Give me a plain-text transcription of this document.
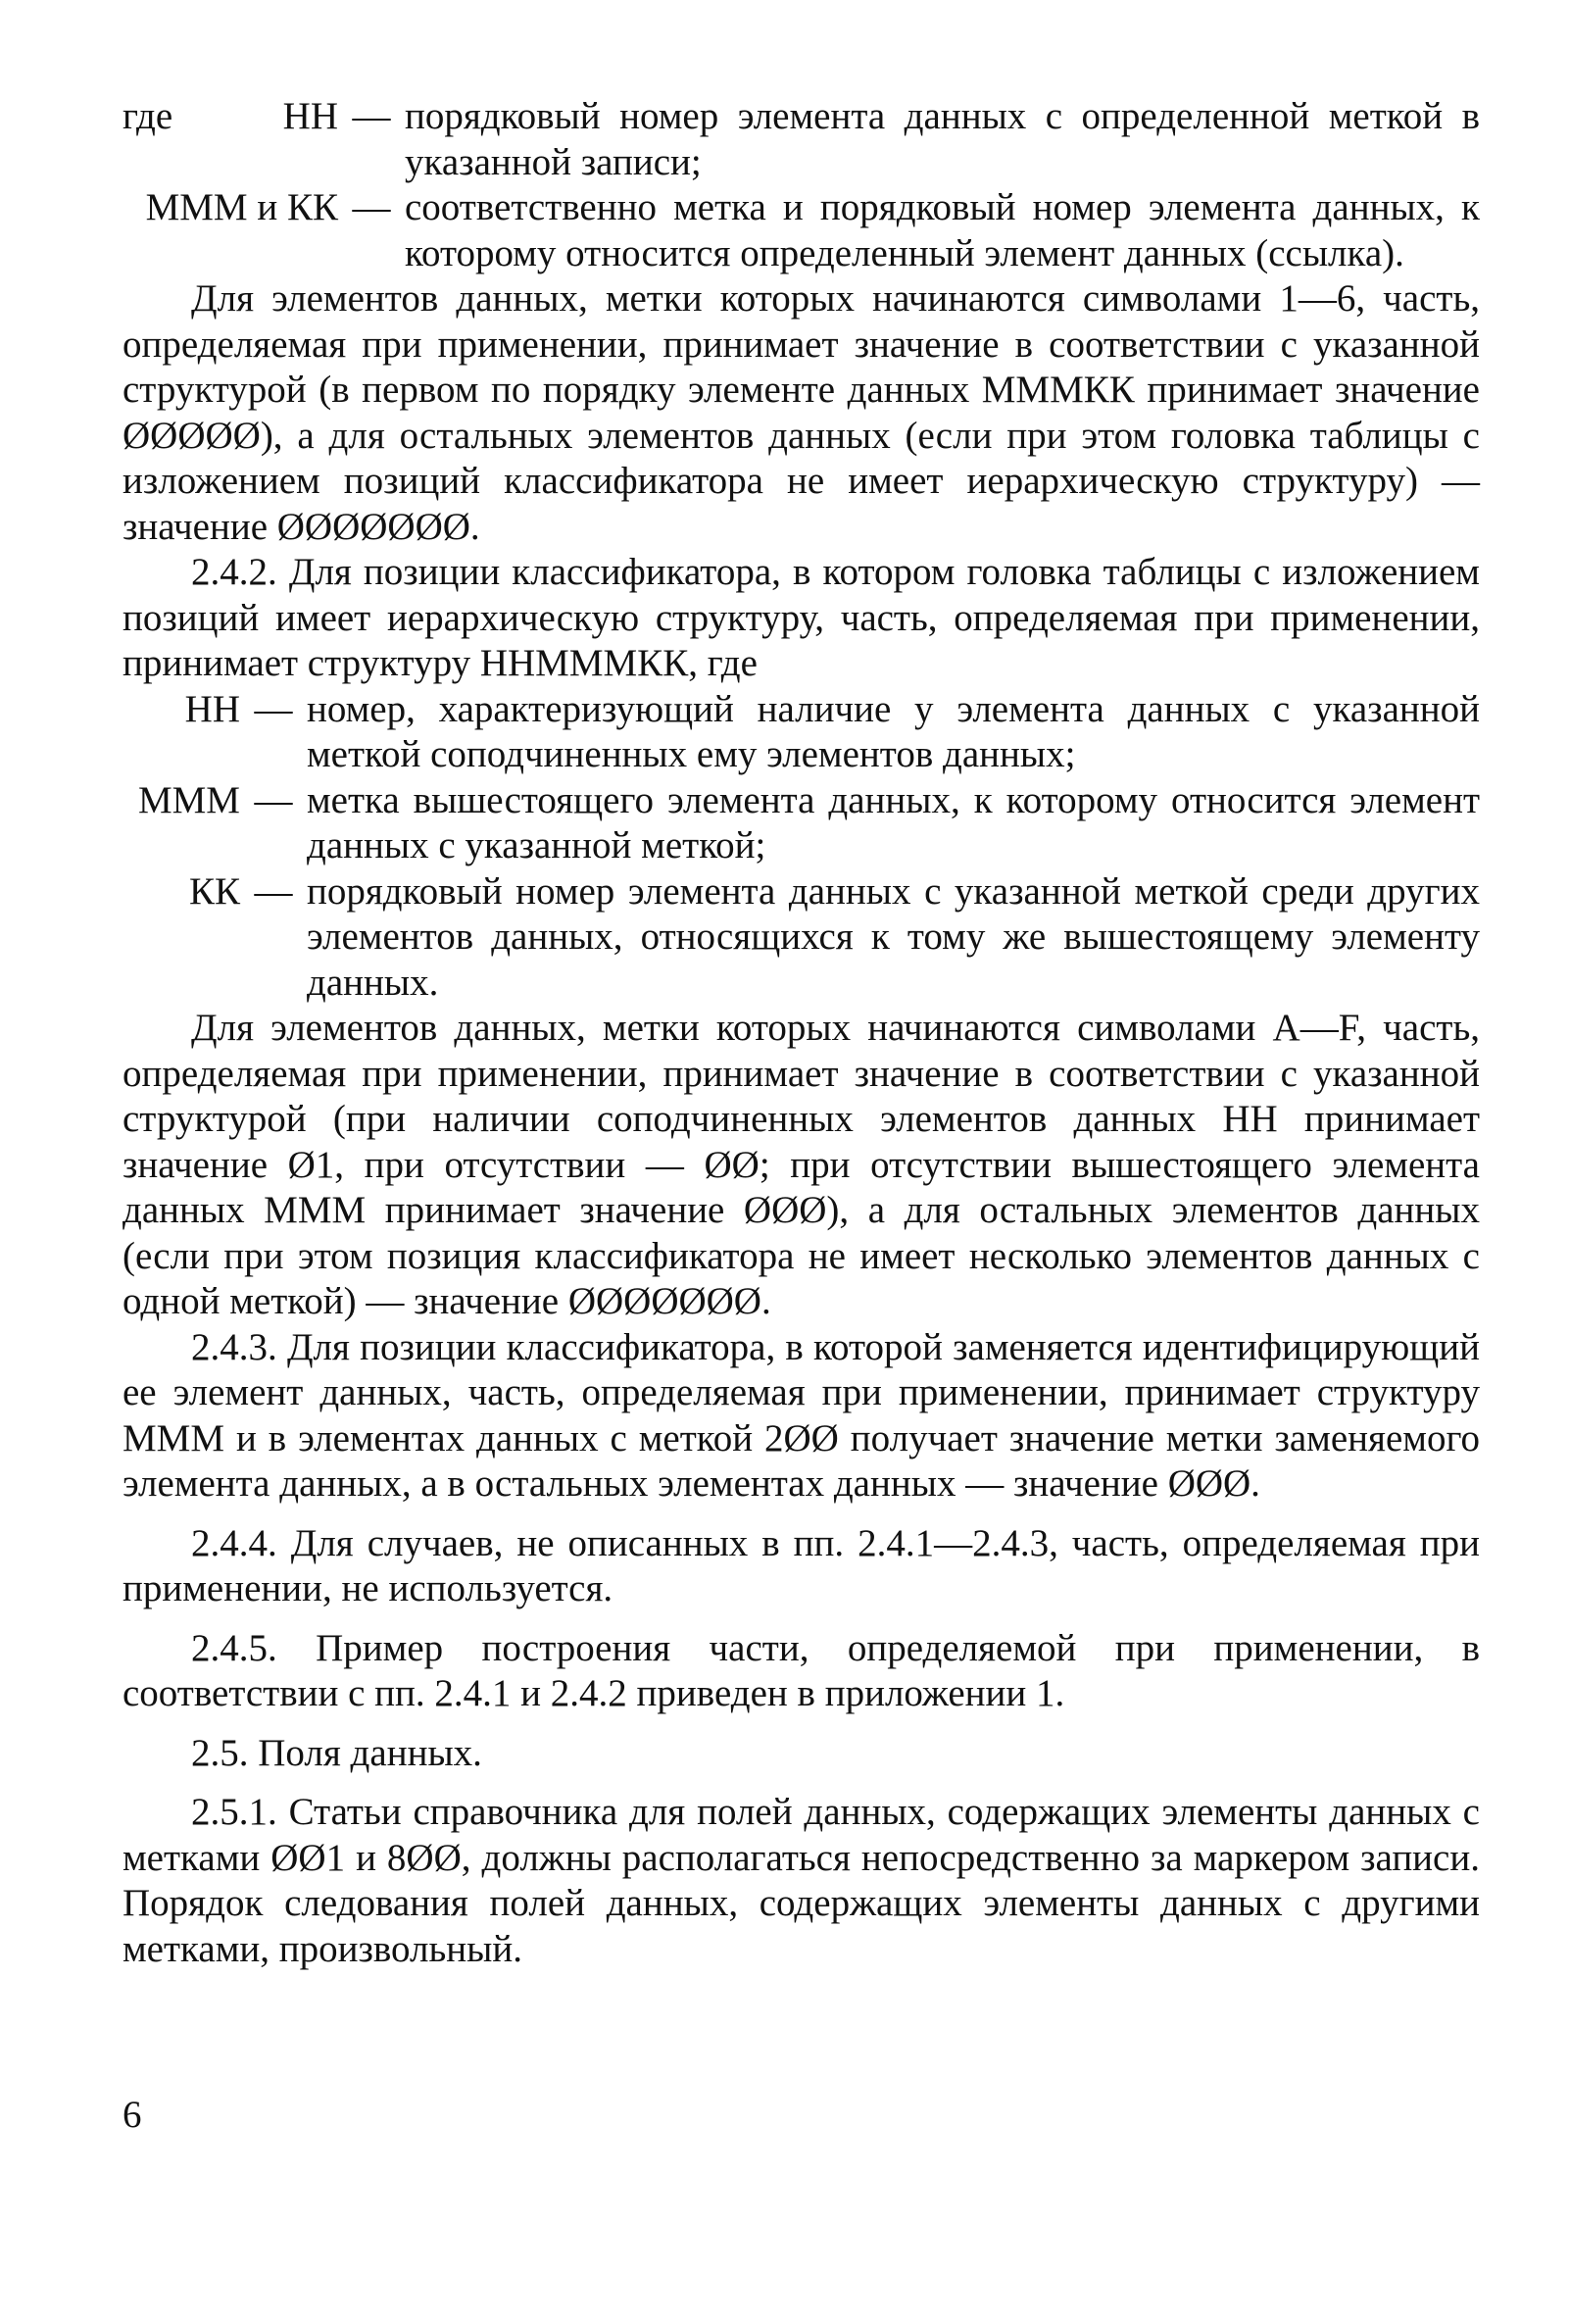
где	НН — порядковый номер элемента данных с определенной меткой в указанной записи;
МММ и КК — соответственно метка и порядковый номер элемента данных, к которому относится определенный элемент данных (ссылка).

Для элементов данных, метки которых начинаются символами 1—6, часть, определяемая при применении, принимает значение в соответствии с указанной структурой (в первом по порядку элементе данных МММКК принимает значение ØØØØØ), а для остальных элементов данных (если при этом головка таблицы с изложением позиций классификатора не имеет иерархическую структуру) — значение ØØØØØØØ.

2.4.2. Для позиции классификатора, в котором головка таблицы с изложением позиций имеет иерархическую структуру, часть, определяемая при применении, принимает структуру ННМММКК, где

НН — номер, характеризующий наличие у элемента данных с указанной меткой соподчиненных ему элементов данных;
МММ — метка вышестоящего элемента данных, к которому относится элемент данных с указанной меткой;
КК — порядковый номер элемента данных с указанной меткой среди других элементов данных, относящихся к тому же вышестоящему элементу данных.

Для элементов данных, метки которых начинаются символами A—F, часть, определяемая при применении, принимает значение в соответствии с указанной структурой (при наличии соподчиненных элементов данных НН принимает значение Ø1, при отсутствии — ØØ; при отсутствии вышестоящего элемента данных МММ принимает значение ØØØ), а для остальных элементов данных (если при этом позиция классификатора не имеет несколько элементов данных с одной меткой) — значение ØØØØØØØ.

2.4.3. Для позиции классификатора, в которой заменяется идентифицирующий ее элемент данных, часть, определяемая при применении, принимает структуру МММ и в элементах данных с меткой 2ØØ получает значение метки заменяемого элемента данных, а в остальных элементах данных — значение ØØØ.

2.4.4. Для случаев, не описанных в пп. 2.4.1—2.4.3, часть, определяемая при применении, не используется.

2.4.5. Пример построения части, определяемой при применении, в соответствии с пп. 2.4.1 и 2.4.2 приведен в приложении 1.

2.5. Поля данных.

2.5.1. Статьи справочника для полей данных, содержащих элементы данных с метками ØØ1 и 8ØØ, должны располагаться непосредственно за маркером записи. Порядок следования полей данных, содержащих элементы данных с другими метками, произвольный.

6
